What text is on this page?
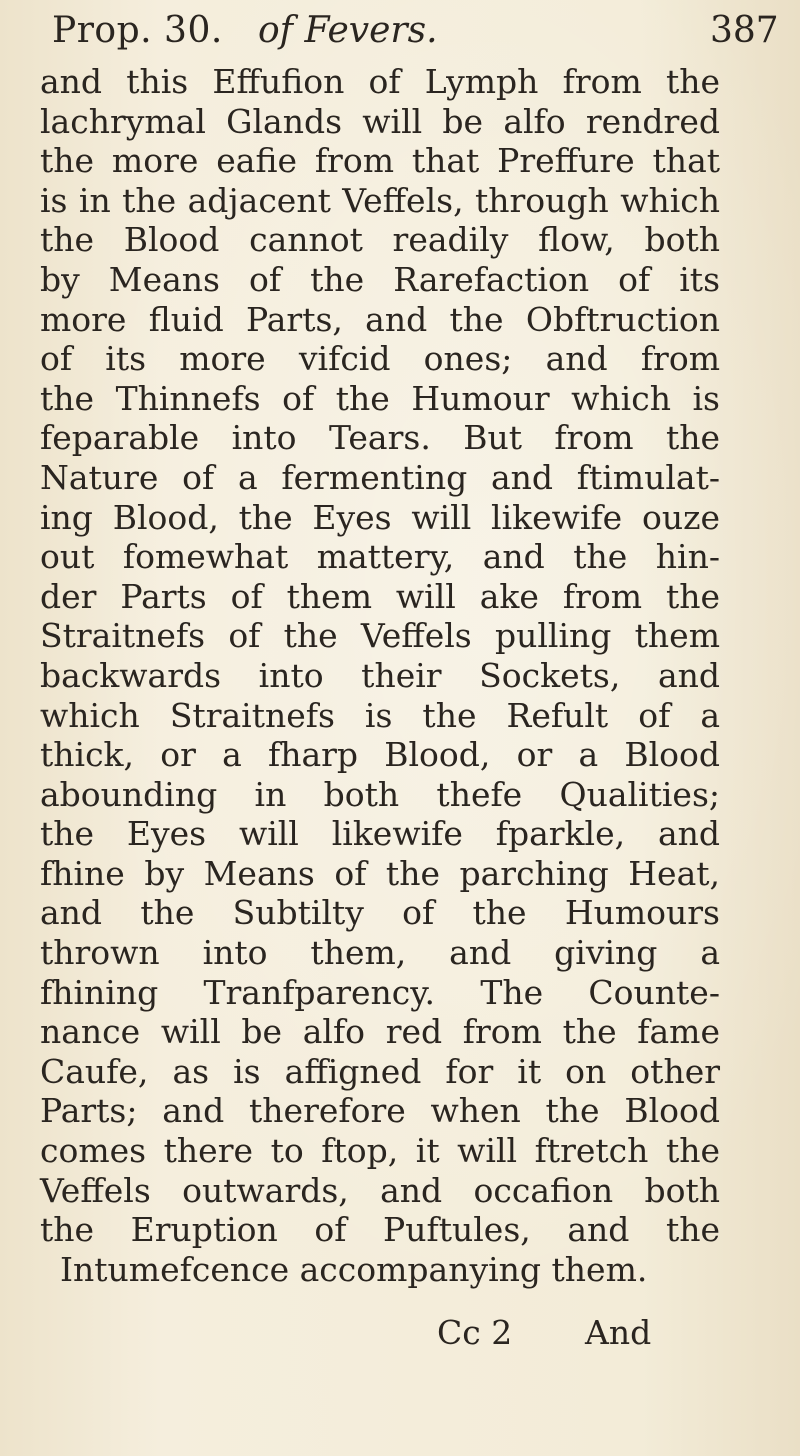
Prop. 30. of Fevers.	387
and this Effufion of Lymph from the
lachrymal Glands will be alfo rendred
the more eafie from that Preffure that
is in the adjacent Veffels, through which
the Blood cannot readily flow, both
by Means of the Rarefaction of its
more fluid Parts, and the Obftruction
of its more vifcid ones; and from
the Thinnefs of the Humour which is
feparable into Tears. But from the
Nature of a fermenting and ftimulat-
ing Blood, the Eyes will likewife ouze
out fomewhat mattery, and the hin-
der Parts of them will ake from the
Straitnefs of the Veffels pulling them
backwards into their Sockets, and
which Straitnefs is the Refult of a
thick, or a fharp Blood, or a Blood
abounding in both thefe Qualities;
the Eyes will likewife fparkle, and
fhine by Means of the parching Heat,
and the Subtilty of the Humours
thrown into them, and giving a
fhining Tranfparency. The Counte-
nance will be alfo red from the fame
Caufe, as is affigned for it on other
Parts; and therefore when the Blood
comes there to ftop, it will ftretch the
Veffels outwards, and occafion both
the Eruption of Puftules, and the
Intumefcence accompanying them.
Cc 2 And
